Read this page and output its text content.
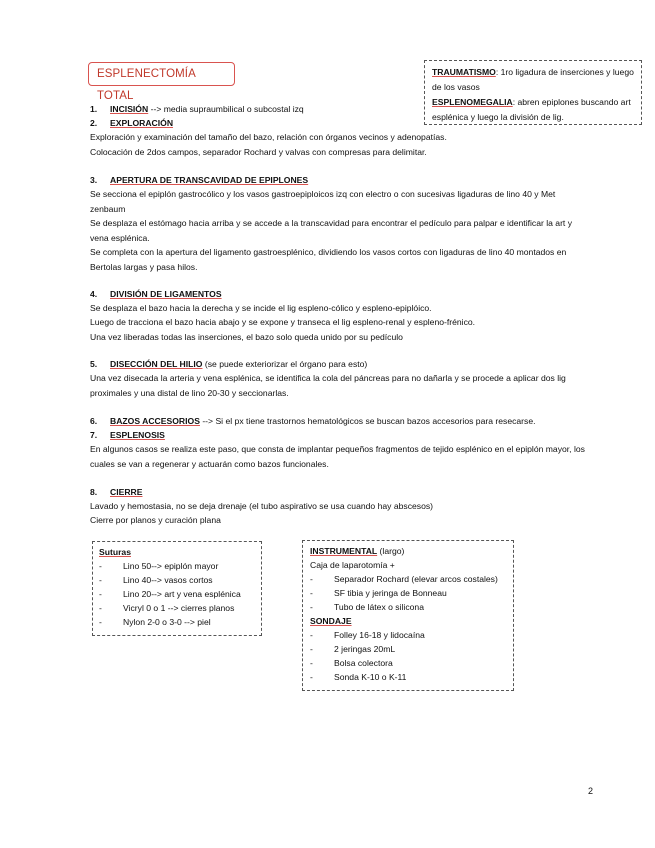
ESPLENECTOMÍA TOTAL
TRAUMATISMO: 1ro ligadura de inserciones y luego de los vasos
ESPLENOMEGALIA: abren epiplones buscando art esplénica y luego la división de lig.
1. INCISIÓN --> media supraumbilical o subcostal izq
2. EXPLORACIÓN
Exploración y examinación del tamaño del bazo, relación con órganos vecinos y adenopatías.
Colocación de 2dos campos, separador Rochard y valvas con compresas para delimitar.
3. APERTURA DE TRANSCAVIDAD DE EPIPLONES
Se secciona el epiplón gastrocólico y los vasos gastroepiploicos izq con electro o con sucesivas ligaduras de lino 40 y Met zenbaum
Se desplaza el estómago hacia arriba y se accede a la transcavidad para encontrar el pedículo para palpar e identificar la art y vena esplénica.
Se completa con la apertura del ligamento gastroesplénico, dividiendo los vasos cortos con ligaduras de lino 40 montados en Bertolas largas y pasa hilos.
4. DIVISIÓN DE LIGAMENTOS
Se desplaza el bazo hacia la derecha y se incide el lig espleno-cólico y espleno-epiplóico.
Luego de tracciona el bazo hacia abajo y se expone y transeca el lig espleno-renal y espleno-frénico.
Una vez liberadas todas las inserciones, el bazo solo queda unido por su pedículo
5. DISECCIÓN DEL HILIO (se puede exteriorizar el órgano para esto)
Una vez disecada la arteria y vena esplénica, se identifica la cola del páncreas para no dañarla y se procede a aplicar dos lig proximales y una distal de lino 20-30 y seccionarlas.
6. BAZOS ACCESORIOS --> Si el px tiene trastornos hematológicos se buscan bazos accesorios para resecarse.
7. ESPLENOSIS
En algunos casos se realiza este paso, que consta de implantar pequeños fragmentos de tejido esplénico en el epiplón mayor, los cuales se van a regenerar y actuarán como bazos funcionales.
8. CIERRE
Lavado y hemostasia, no se deja drenaje (el tubo aspirativo se usa cuando hay abscesos)
Cierre por planos y curación plana
Suturas
- Lino 50--> epiplón mayor
- Lino 40--> vasos cortos
- Lino 20--> art y vena esplénica
- Vicryl 0 o 1 --> cierres planos
- Nylon 2-0 o 3-0 --> piel
INSTRUMENTAL (largo)
Caja de laparotomía +
- Separador Rochard (elevar arcos costales)
- SF tibia y jeringa de Bonneau
- Tubo de látex o silicona
SONDAJE
- Folley 16-18 y lidocaína
- 2 jeringas 20mL
- Bolsa colectora
- Sonda K-10 o K-11
2
